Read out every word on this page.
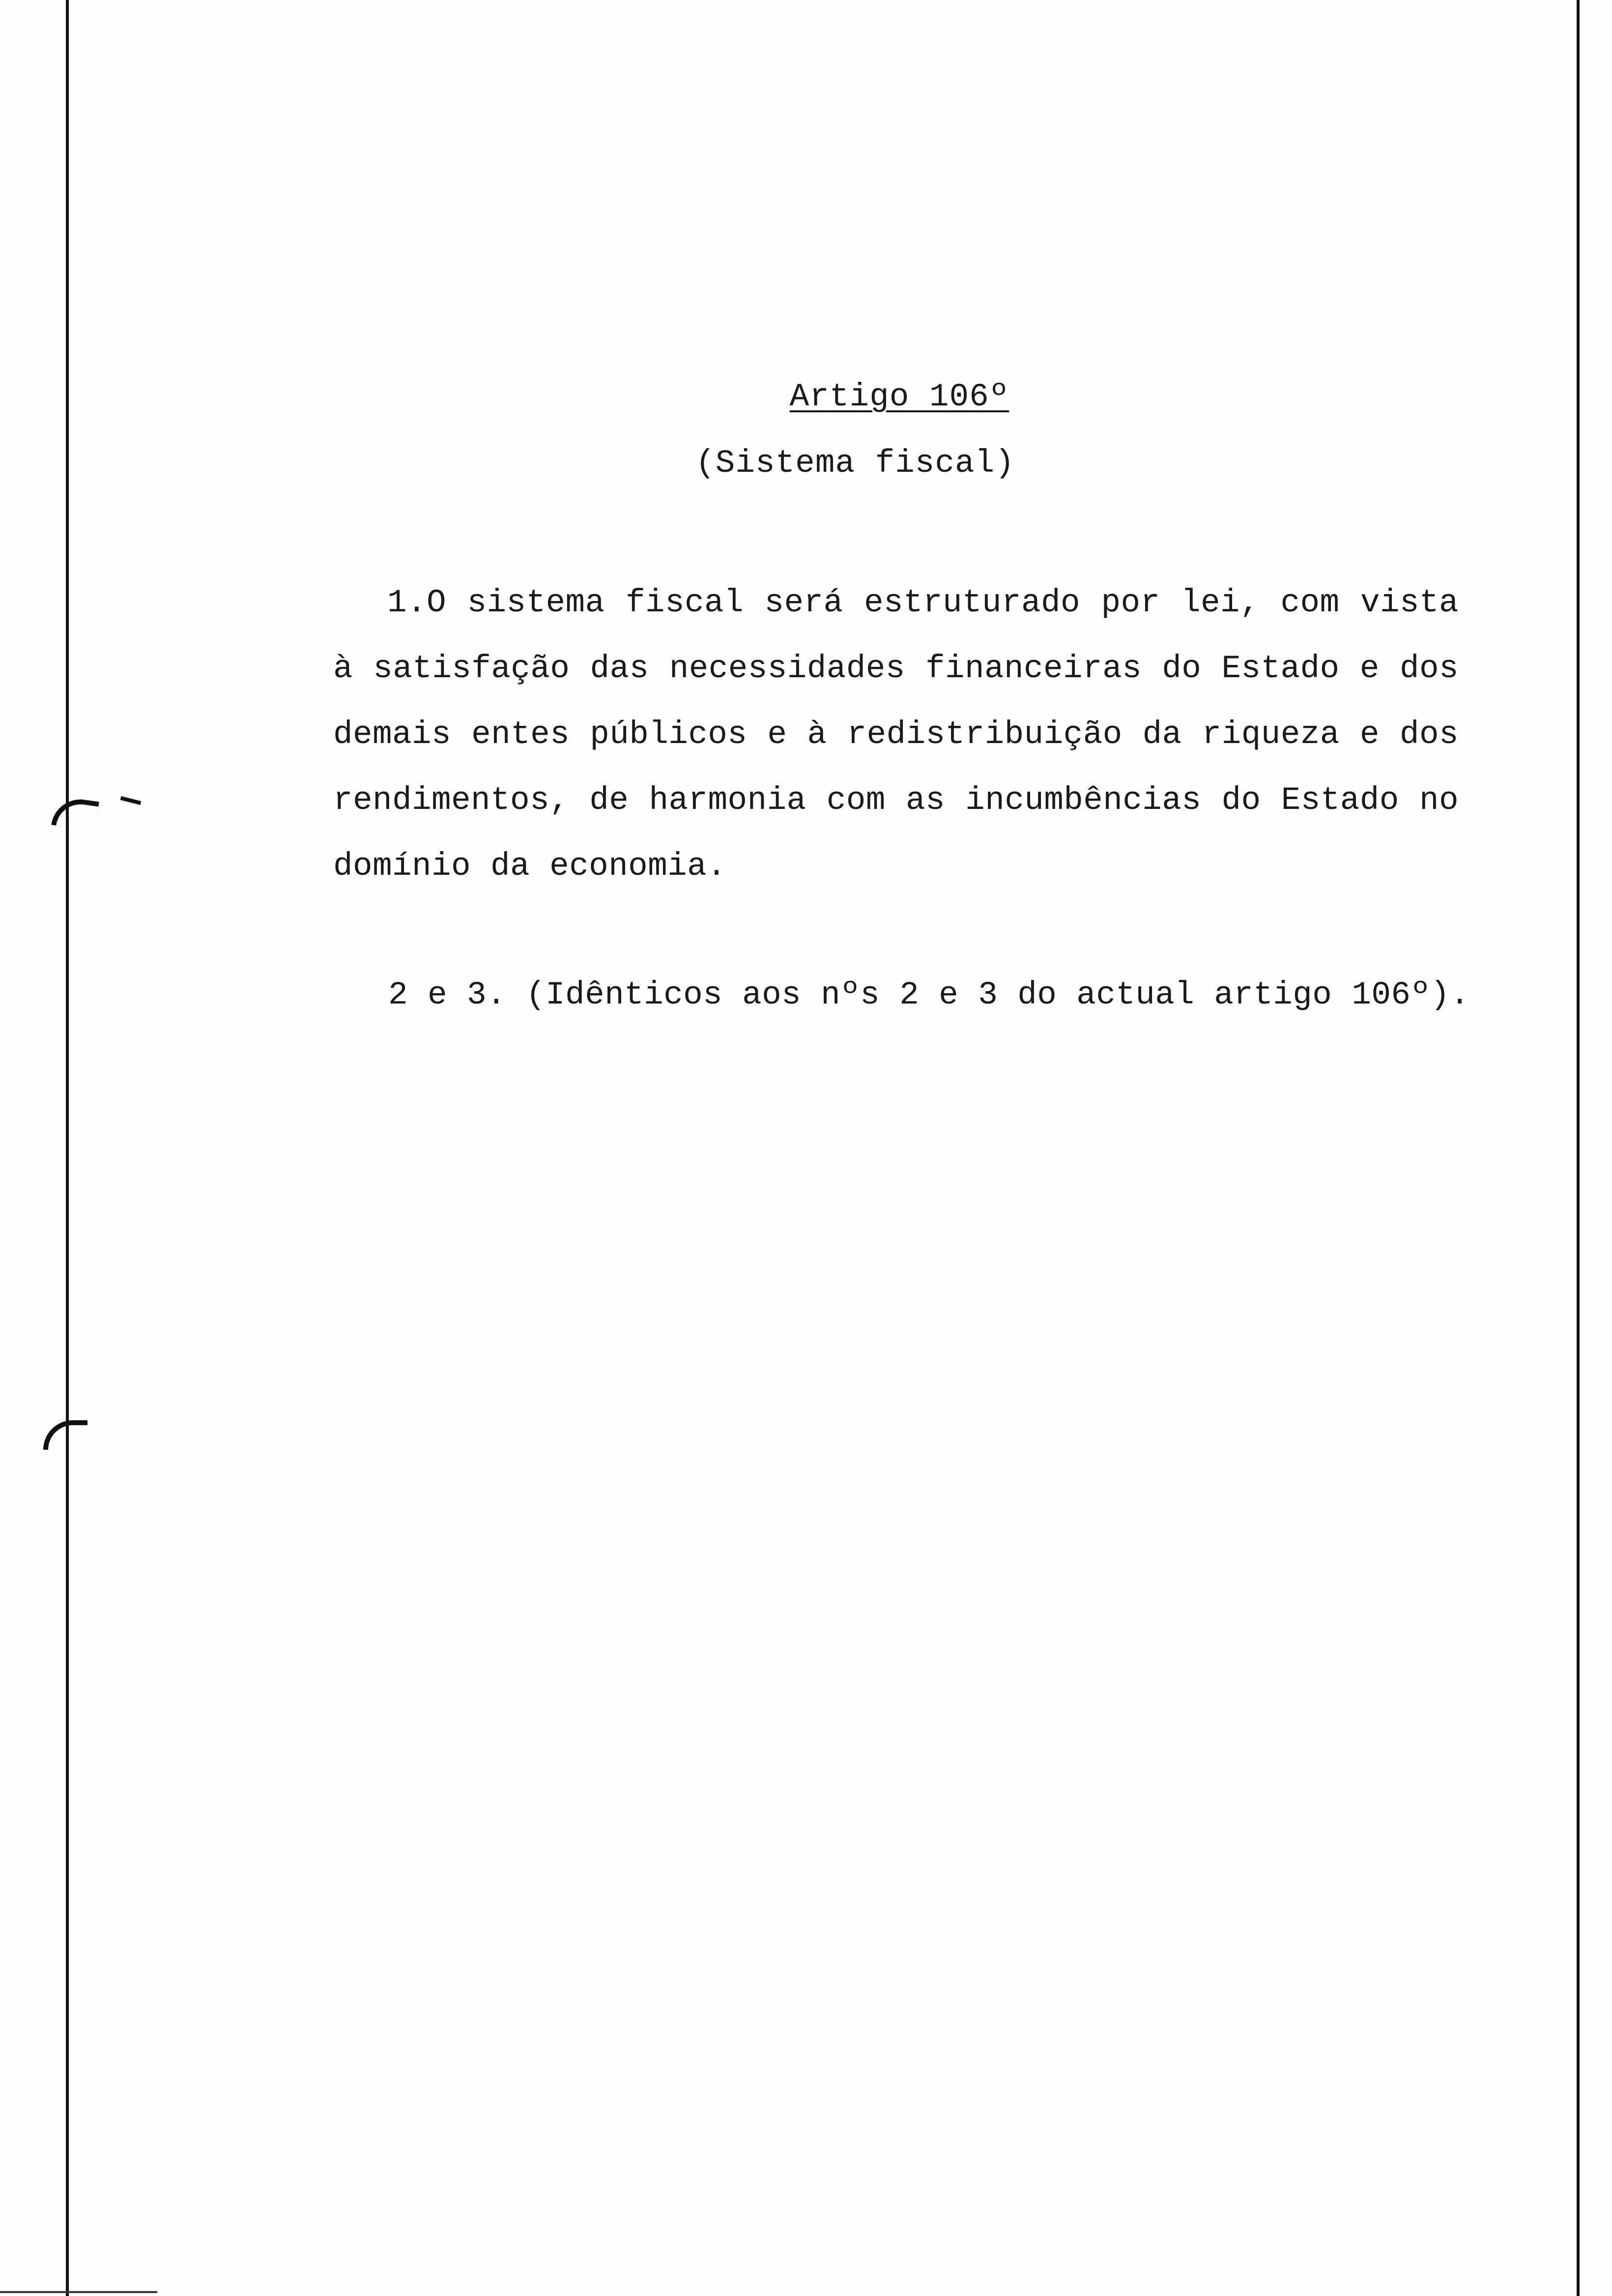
Artigo 106º
(Sistema fiscal)
1.O sistema fiscal será estruturado por lei, com vista
à satisfação das necessidades financeiras do Estado e dos
demais entes públicos e à redistribuição da riqueza e dos
rendimentos, de harmonia com as incumbências do Estado no
domínio da economia.
2 e 3. (Idênticos aos nºs 2 e 3 do actual artigo 106º).
